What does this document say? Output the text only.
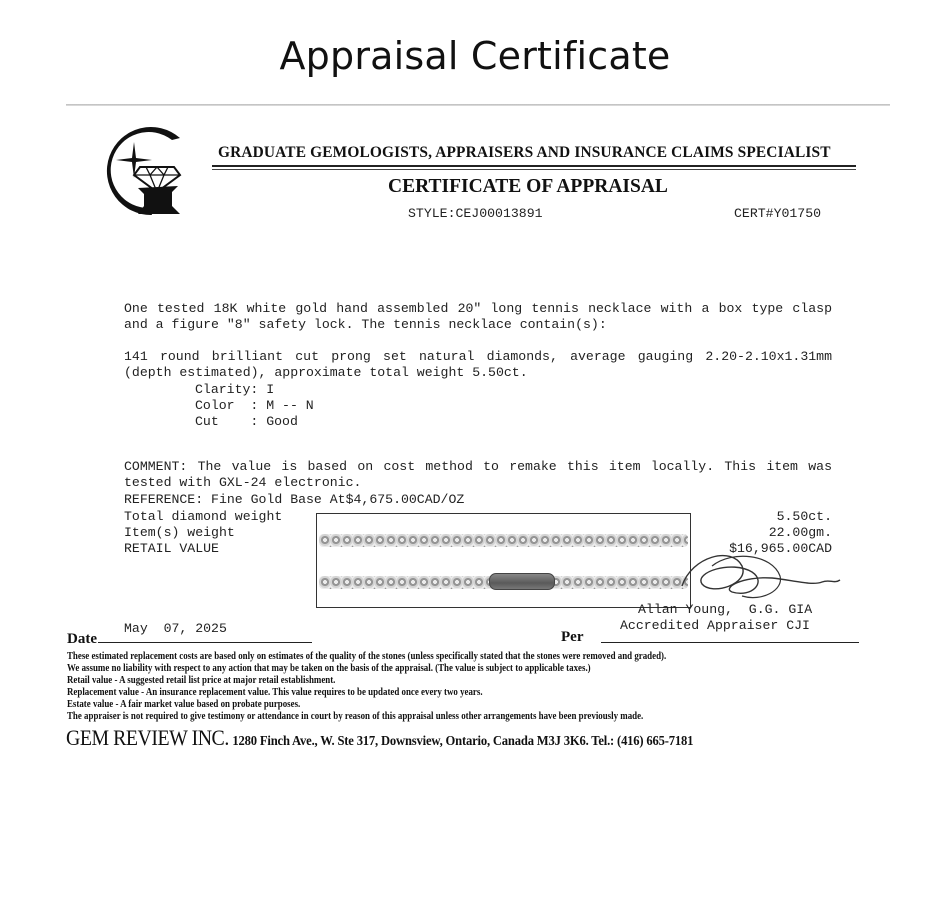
Appraisal Certificate
GRADUATE GEMOLOGISTS, APPRAISERS AND INSURANCE CLAIMS SPECIALIST
CERTIFICATE OF APPRAISAL
STYLE:CEJ00013891	CERT#Y01750
One tested 18K white gold hand assembled 20" long tennis necklace with a box type clasp and a figure "8" safety lock. The tennis necklace contain(s):
141 round brilliant cut prong set natural diamonds, average gauging 2.20-2.10x1.31mm (depth estimated), approximate total weight 5.50ct.
Clarity: I
Color  : M -- N
Cut    : Good
COMMENT: The value is based on cost method to remake this item locally. This item was tested with GXL-24 electronic.
REFERENCE: Fine Gold Base At$4,675.00CAD/OZ
Total diamond weight
Item(s) weight
RETAIL VALUE
5.50ct.
22.00gm.
$16,965.00CAD
Allan Young,  G.G. GIA
Accredited Appraiser CJI
May  07, 2025
Date	Per
These estimated replacement costs are based only on estimates of the quality of the stones (unless specifically stated that the stones were removed and graded).
We assume no liability with respect to any action that may be taken on the basis of the appraisal. (The value is subject to applicable taxes.)
Retail value - A suggested retail list price at major retail establishment.
Replacement value - An insurance replacement value. This value requires to be updated once every two years.
Estate value - A fair market value based on probate purposes.
The appraiser is not required to give testimony or attendance in court by reason of this appraisal unless other arrangements have been previously made.
GEM REVIEW INC. 1280 Finch Ave., W. Ste 317, Downsview, Ontario, Canada M3J 3K6. Tel.: (416) 665-7181
